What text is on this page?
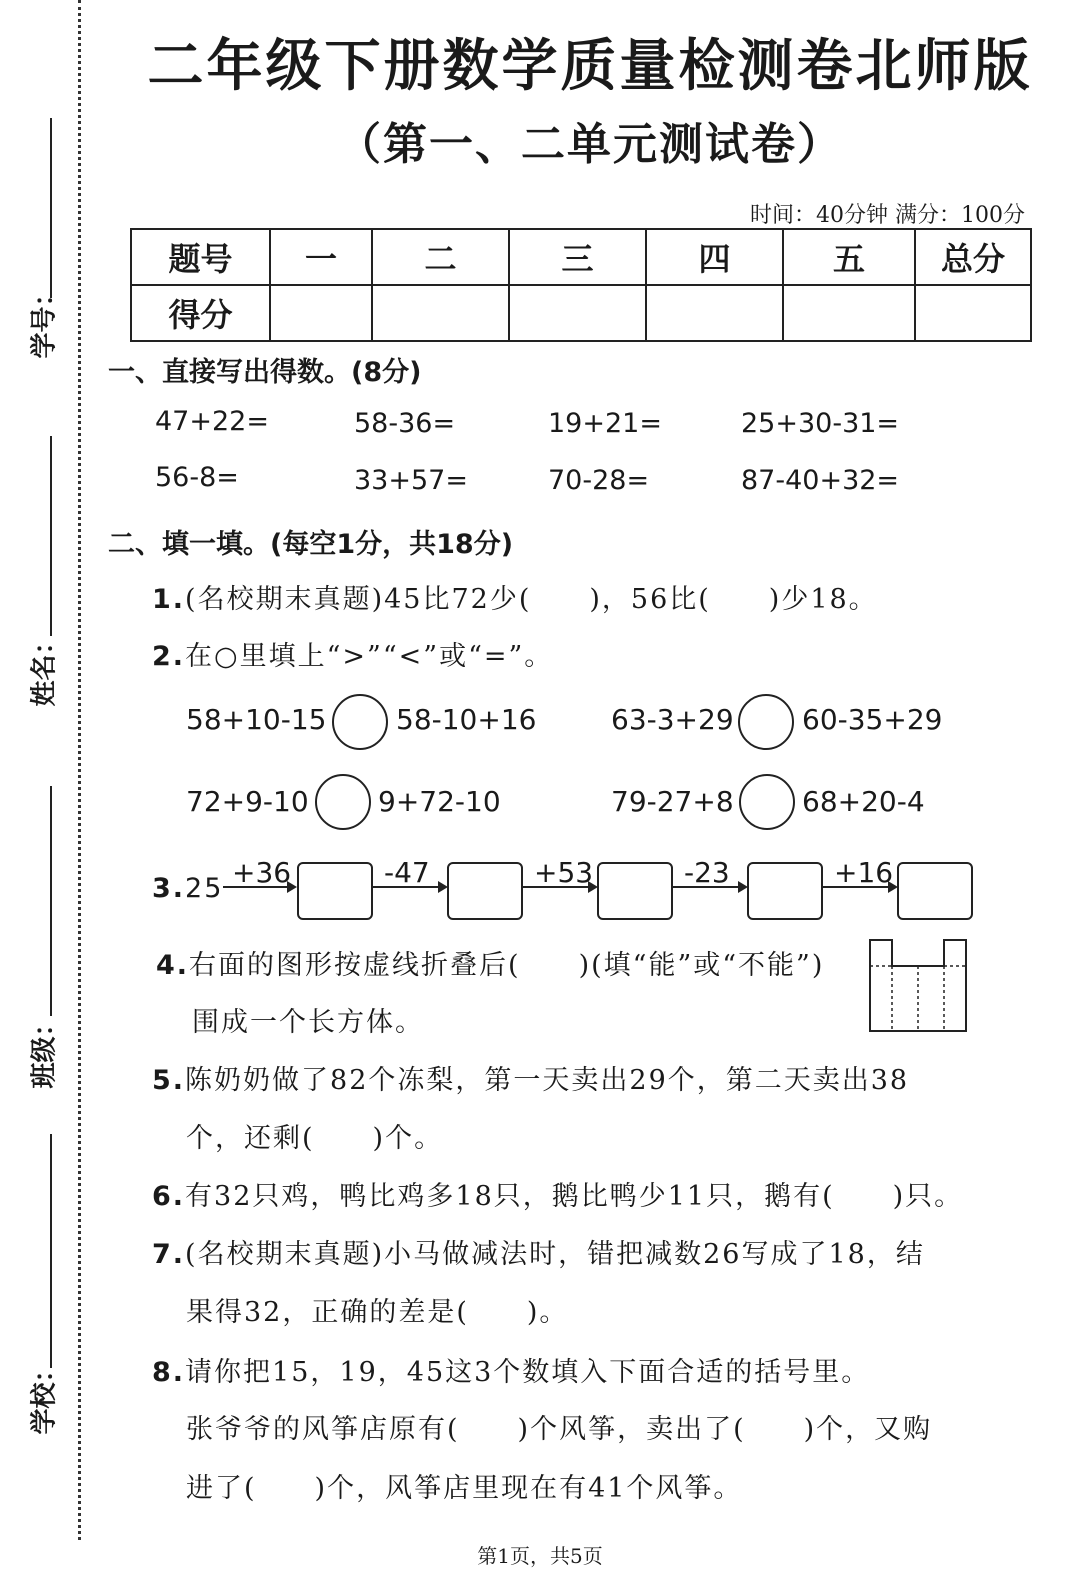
学号：
姓名：
班级：
学校：
二年级下册数学质量检测卷北师版
（第一、二单元测试卷）
时间：40分钟 满分：100分
题号	一	二	三	四	五	总分
得分						
一、直接写出得数。(8分)
47+22=	58-36=	19+21=	25+30-31=
56-8=	33+57=	70-28=	87-40+32=
二、填一填。(每空1分，共18分)
1.(名校期末真题)45比72少(　　)，56比(　　)少18。
2.在○里填上“>”“<”或“=”。
58+10-15 58-10+16	63-3+29 60-35+29
72+9-10 9+72-10	79-27+8 68+20-4
3.25 +36	-47	+53	-23	+16
4.右面的图形按虚线折叠后(　　)(填“能”或“不能”)
围成一个长方体。
5.陈奶奶做了82个冻梨，第一天卖出29个，第二天卖出38
个，还剩(　　)个。
6.有32只鸡，鸭比鸡多18只，鹅比鸭少11只，鹅有(　　)只。
7.(名校期末真题)小马做减法时，错把减数26写成了18，结
果得32，正确的差是(　　)。
8.请你把15，19，45这3个数填入下面合适的括号里。
张爷爷的风筝店原有(　　)个风筝，卖出了(　　)个，又购
进了(　　)个，风筝店里现在有41个风筝。
第1页，共5页
